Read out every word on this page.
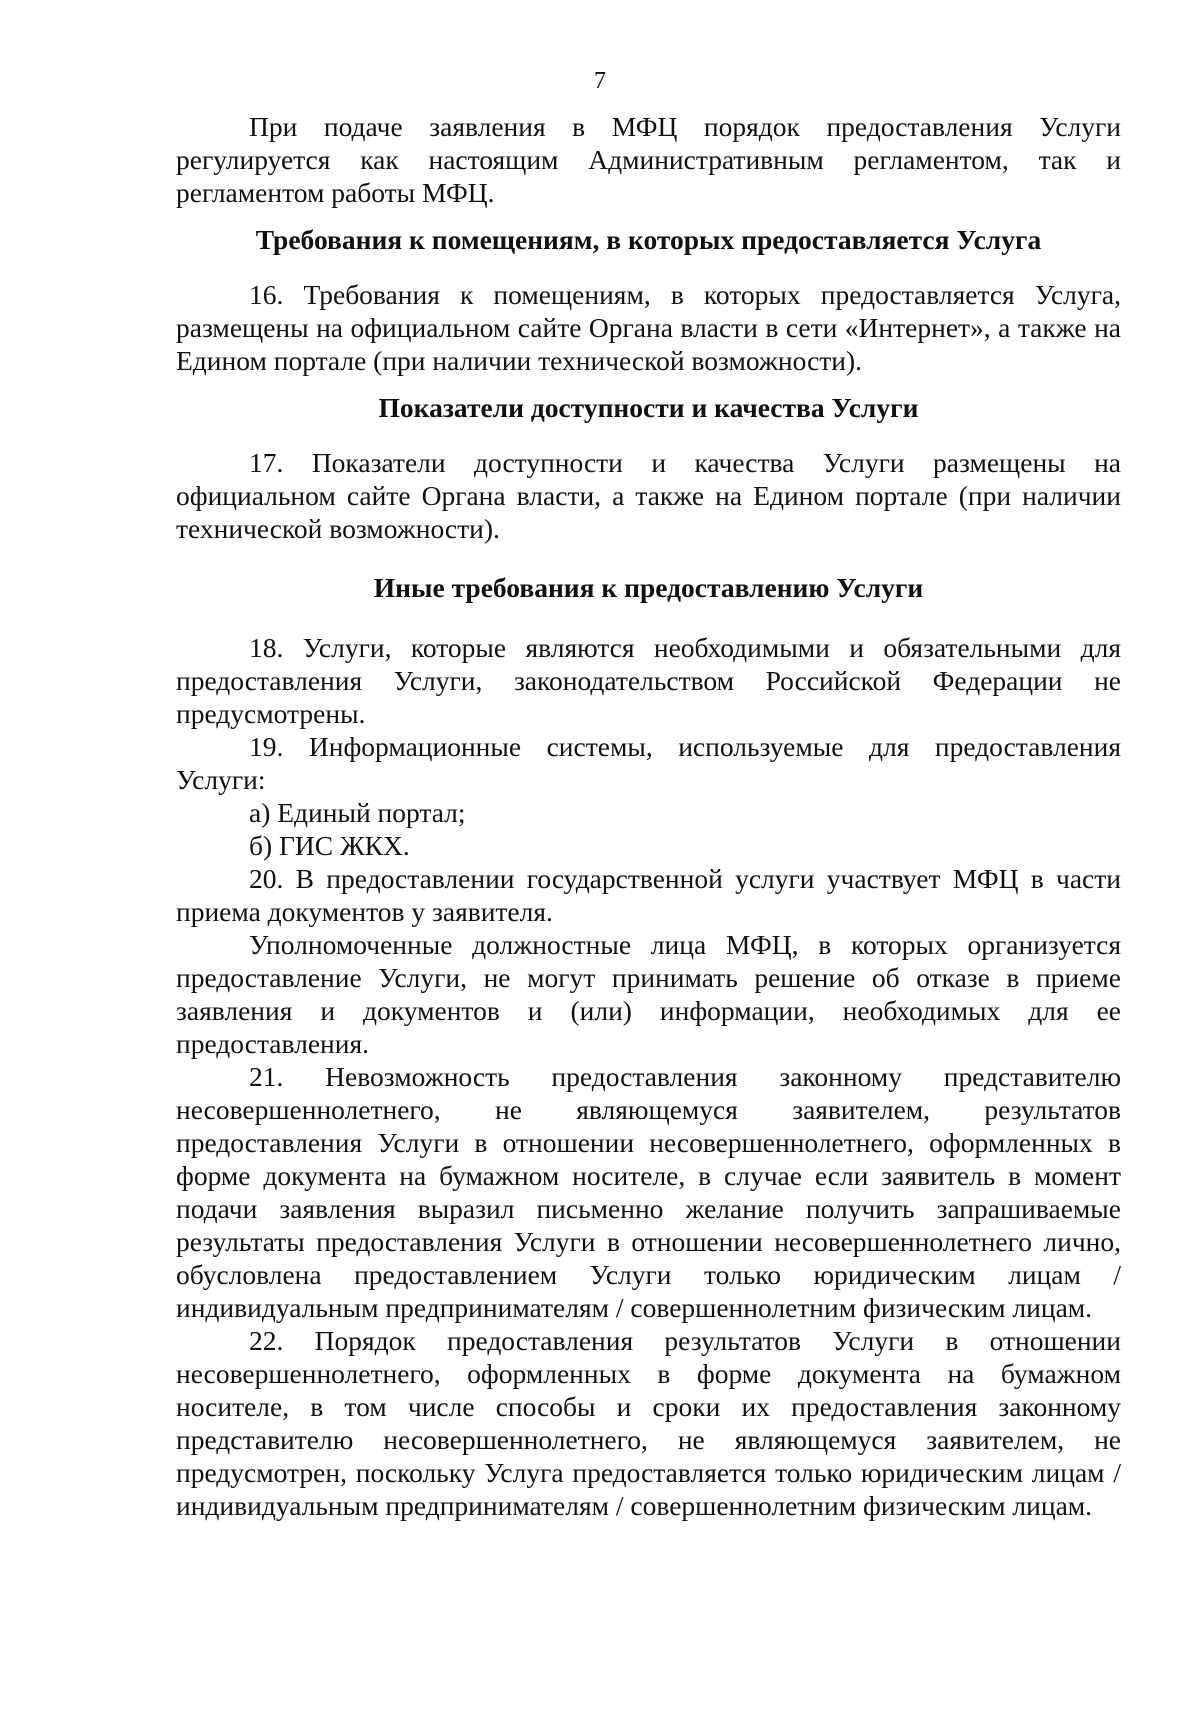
7

При подаче заявления в МФЦ порядок предоставления Услуги регулируется как настоящим Административным регламентом, так и регламентом работы МФЦ.

Требования к помещениям, в которых предоставляется Услуга

16. Требования к помещениям, в которых предоставляется Услуга, размещены на официальном сайте Органа власти в сети «Интернет», а также на Едином портале (при наличии технической возможности).

Показатели доступности и качества Услуги

17. Показатели доступности и качества Услуги размещены на официальном сайте Органа власти, а также на Едином портале (при наличии технической возможности).

Иные требования к предоставлению Услуги

18. Услуги, которые являются необходимыми и обязательными для предоставления Услуги, законодательством Российской Федерации не предусмотрены.

19. Информационные системы, используемые для предоставления Услуги:

а) Единый портал;

б) ГИС ЖКХ.

20. В предоставлении государственной услуги участвует МФЦ в части приема документов у заявителя.

Уполномоченные должностные лица МФЦ, в которых организуется предоставление Услуги, не могут принимать решение об отказе в приеме заявления и документов и (или) информации, необходимых для ее предоставления.

21. Невозможность предоставления законному представителю несовершеннолетнего, не являющемуся заявителем, результатов предоставления Услуги в отношении несовершеннолетнего, оформленных в форме документа на бумажном носителе, в случае если заявитель в момент подачи заявления выразил письменно желание получить запрашиваемые результаты предоставления Услуги в отношении несовершеннолетнего лично, обусловлена предоставлением Услуги только юридическим лицам / индивидуальным предпринимателям / совершеннолетним физическим лицам.

22. Порядок предоставления результатов Услуги в отношении несовершеннолетнего, оформленных в форме документа на бумажном носителе, в том числе способы и сроки их предоставления законному представителю несовершеннолетнего, не являющемуся заявителем, не предусмотрен, поскольку Услуга предоставляется только юридическим лицам / индивидуальным предпринимателям / совершеннолетним физическим лицам.
